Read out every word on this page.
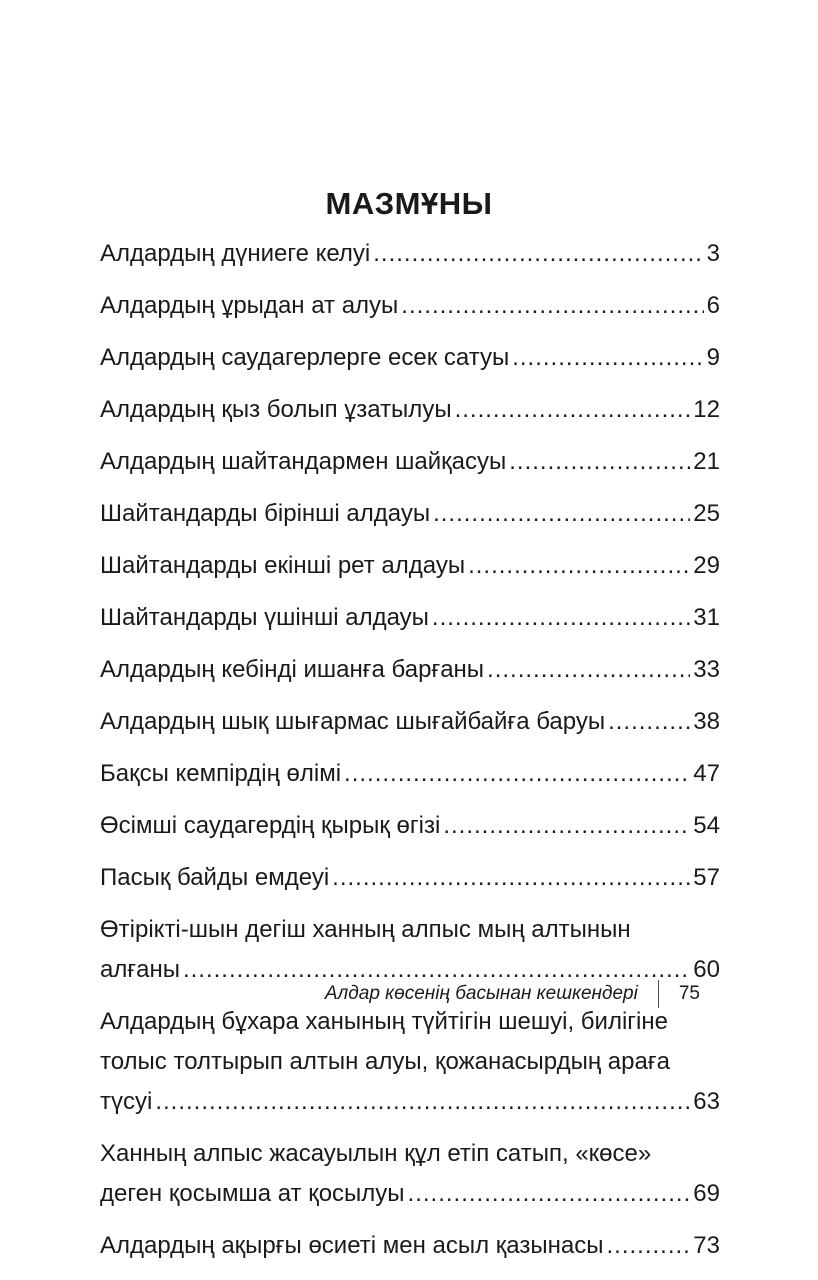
МАЗМҰНЫ
Алдардың дүниеге келуі .....	3
Алдардың ұрыдан ат алуы .....	6
Алдардың саудагерлерге есек сатуы .....	9
Алдардың қыз болып ұзатылуы .....	12
Алдардың шайтандармен шайқасуы .....	21
Шайтандарды бірінші алдауы .....	25
Шайтандарды екінші рет алдауы .....	29
Шайтандарды үшінші алдауы .....	31
Алдардың кебінді ишанға барғаны .....	33
Алдардың шық шығармас шығайбайға баруы .....	38
Бақсы кемпірдің өлімі .....	47
Өсімші саудагердің қырық өгізі .....	54
Пасық байды емдеуі .....	57
Өтірікті-шын дегіш ханның алпыс мың алтынын
алғаны .....	60
Алдардың бұхара ханының түйтігін шешуі, билігіне
толыс толтырып алтын алуы, қожанасырдың араға
түсуі .....	63
Ханның алпыс жасауылын құл етіп сатып, «көсе»
деген қосымша ат қосылуы .....	69
Алдардың ақырғы өсиеті мен асыл қазынасы .....	73
Алдар көсенің басынан кешкендері 75
